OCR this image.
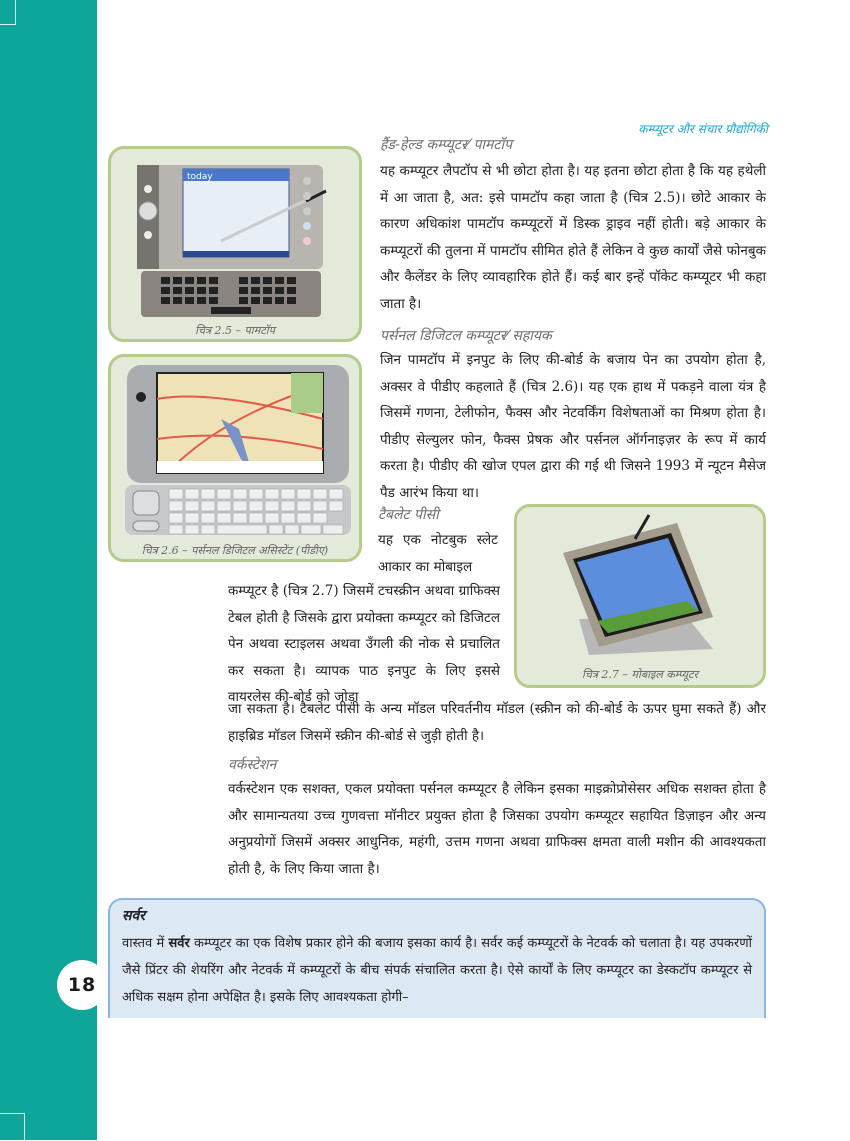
18
कम्प्यूटर और संचार प्रौद्योगिकी
today
चित्र 2.5 – पामटॉप
चित्र 2.6 – पर्सनल डिजिटल असिस्टेंट (पीडीए)
चित्र 2.7 – मोबाइल कम्प्यूटर
हैंड-हेल्ड कम्प्यूटर⁄ पामटॉप

यह कम्प्यूटर लैपटॉप से भी छोटा होता है। यह इतना छोटा होता है कि यह हथेली में आ जाता है, अत: इसे पामटॉप कहा जाता है (चित्र 2.5)। छोटे आकार के कारण अधिकांश पामटॉप कम्प्यूटरों में डिस्क ड्राइव नहीं होती। बड़े आकार के कम्प्यूटरों की तुलना में पामटॉप सीमित होते हैं लेकिन वे कुछ कार्यों जैसे फोनबुक और कैलेंडर के लिए व्यावहारिक होते हैं। कई बार इन्हें पॉकेट कम्प्यूटर भी कहा जाता है।

पर्सनल डिजिटल कम्प्यूटर⁄ सहायक

जिन पामटॉप में इनपुट के लिए की-बोर्ड के बजाय पेन का उपयोग होता है, अक्सर वे पीडीए कहलाते हैं (चित्र 2.6)। यह एक हाथ में पकड़ने वाला यंत्र है जिसमें गणना, टेलीफोन, फैक्स और नेटवर्किंग विशेषताओं का मिश्रण होता है। पीडीए सेल्युलर फोन, फैक्स प्रेषक और पर्सनल ऑर्गनाइज़र के रूप में कार्य करता है। पीडीए की खोज एपल द्वारा की गई थी जिसने 1993 में न्यूटन मैसेज पैड आरंभ किया था।

टैबलेट पीसी

यह एक नोटबुक स्लेट आकार का मोबाइल

कम्प्यूटर है (चित्र 2.7) जिसमें टचस्क्रीन अथवा ग्राफिक्स टेबल होती है जिसके द्वारा प्रयोक्ता कम्प्यूटर को डिजिटल पेन अथवा स्टाइलस अथवा उँगली की नोक से प्रचालित कर सकता है। व्यापक पाठ इनपुट के लिए इससे वायरलेस की-बोर्ड को जोड़ा

जा सकता है। टैबलेट पीसी के अन्य मॉडल परिवर्तनीय मॉडल (स्क्रीन को की-बोर्ड के ऊपर घुमा सकते हैं) और हाइब्रिड मॉडल जिसमें स्क्रीन की-बोर्ड से जुड़ी होती है।

वर्कस्टेशन

वर्कस्टेशन एक सशक्त, एकल प्रयोक्ता पर्सनल कम्प्यूटर है लेकिन इसका माइक्रोप्रोसेसर अधिक सशक्त होता है और सामान्यतया उच्च गुणवत्ता मॉनीटर प्रयुक्त होता है जिसका उपयोग कम्प्यूटर सहायित डिज़ाइन और अन्य अनुप्रयोगों जिसमें अक्सर आधुनिक, महंगी, उत्तम गणना अथवा ग्राफिक्स क्षमता वाली मशीन की आवश्यकता होती है, के लिए किया जाता है।

सर्वर
वास्तव में सर्वर कम्प्यूटर का एक विशेष प्रकार होने की बजाय इसका कार्य है। सर्वर कई कम्प्यूटरों के नेटवर्क को चलाता है। यह उपकरणों जैसे प्रिंटर की शेयरिंग और नेटवर्क में कम्प्यूटरों के बीच संपर्क संचालित करता है। ऐसे कार्यों के लिए कम्प्यूटर का डेस्कटॉप कम्प्यूटर से अधिक सक्षम होना अपेक्षित है। इसके लिए आवश्यकता होगी–
